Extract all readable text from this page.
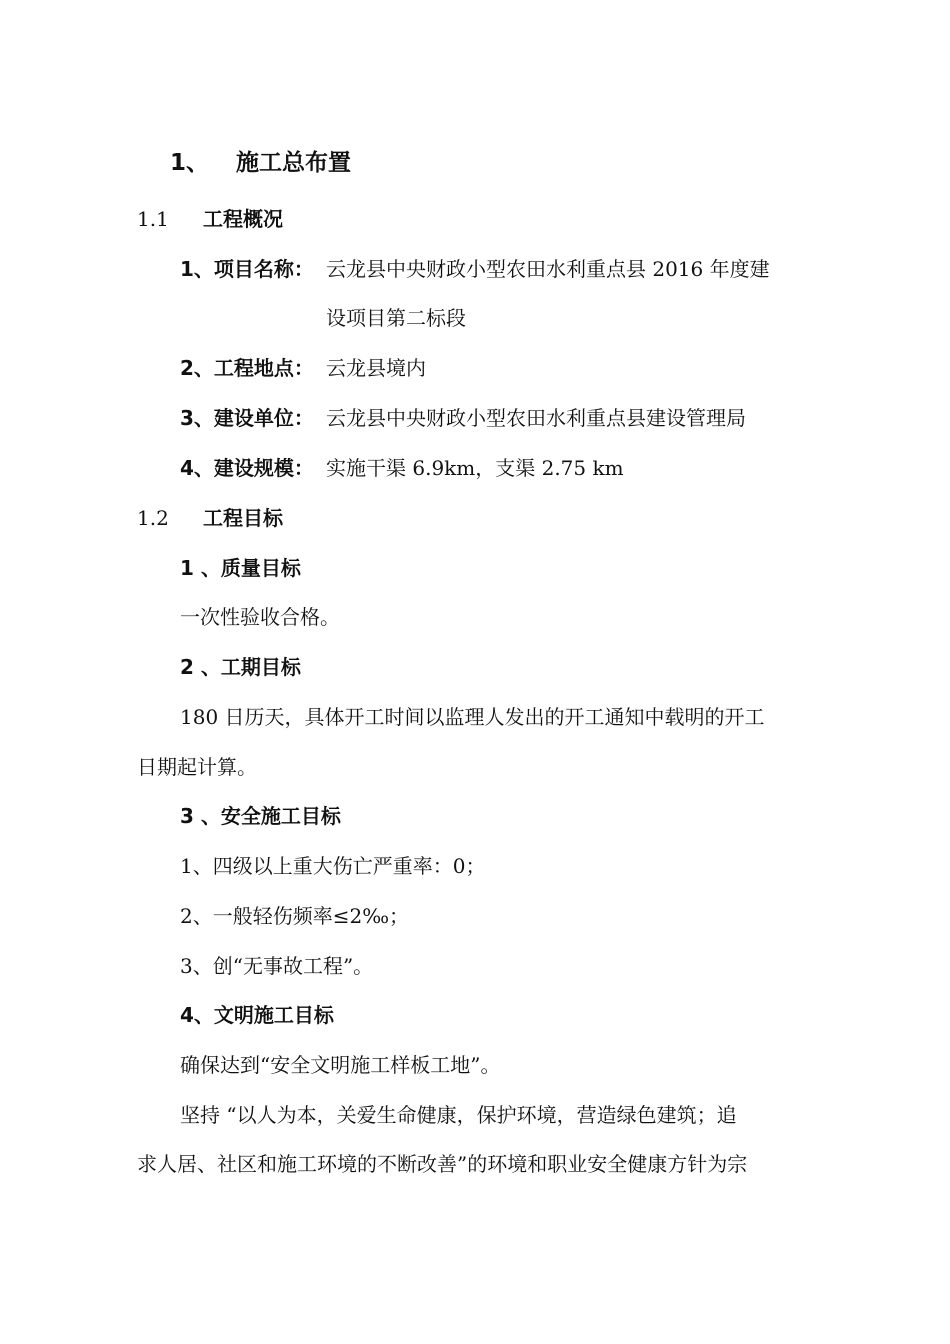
1、 施工总布置
1.1 工程概况
1、项目名称： 云龙县中央财政小型农田水利重点县 2016 年度建
设项目第二标段
2、工程地点： 云龙县境内
3、建设单位： 云龙县中央财政小型农田水利重点县建设管理局
4、建设规模： 实施干渠 6.9km，支渠 2.75 km
1.2 工程目标
1 、质量目标
一次性验收合格。
2 、工期目标
180 日历天，具体开工时间以监理人发出的开工通知中载明的开工
日期起计算。
3 、安全施工目标
1、四级以上重大伤亡严重率：0；
2、一般轻伤频率≤2‰；
3、创“无事故工程”。
4、文明施工目标
确保达到“安全文明施工样板工地”。
坚持 “以人为本，关爱生命健康，保护环境，营造绿色建筑；追
求人居、社区和施工环境的不断改善”的环境和职业安全健康方针为宗
